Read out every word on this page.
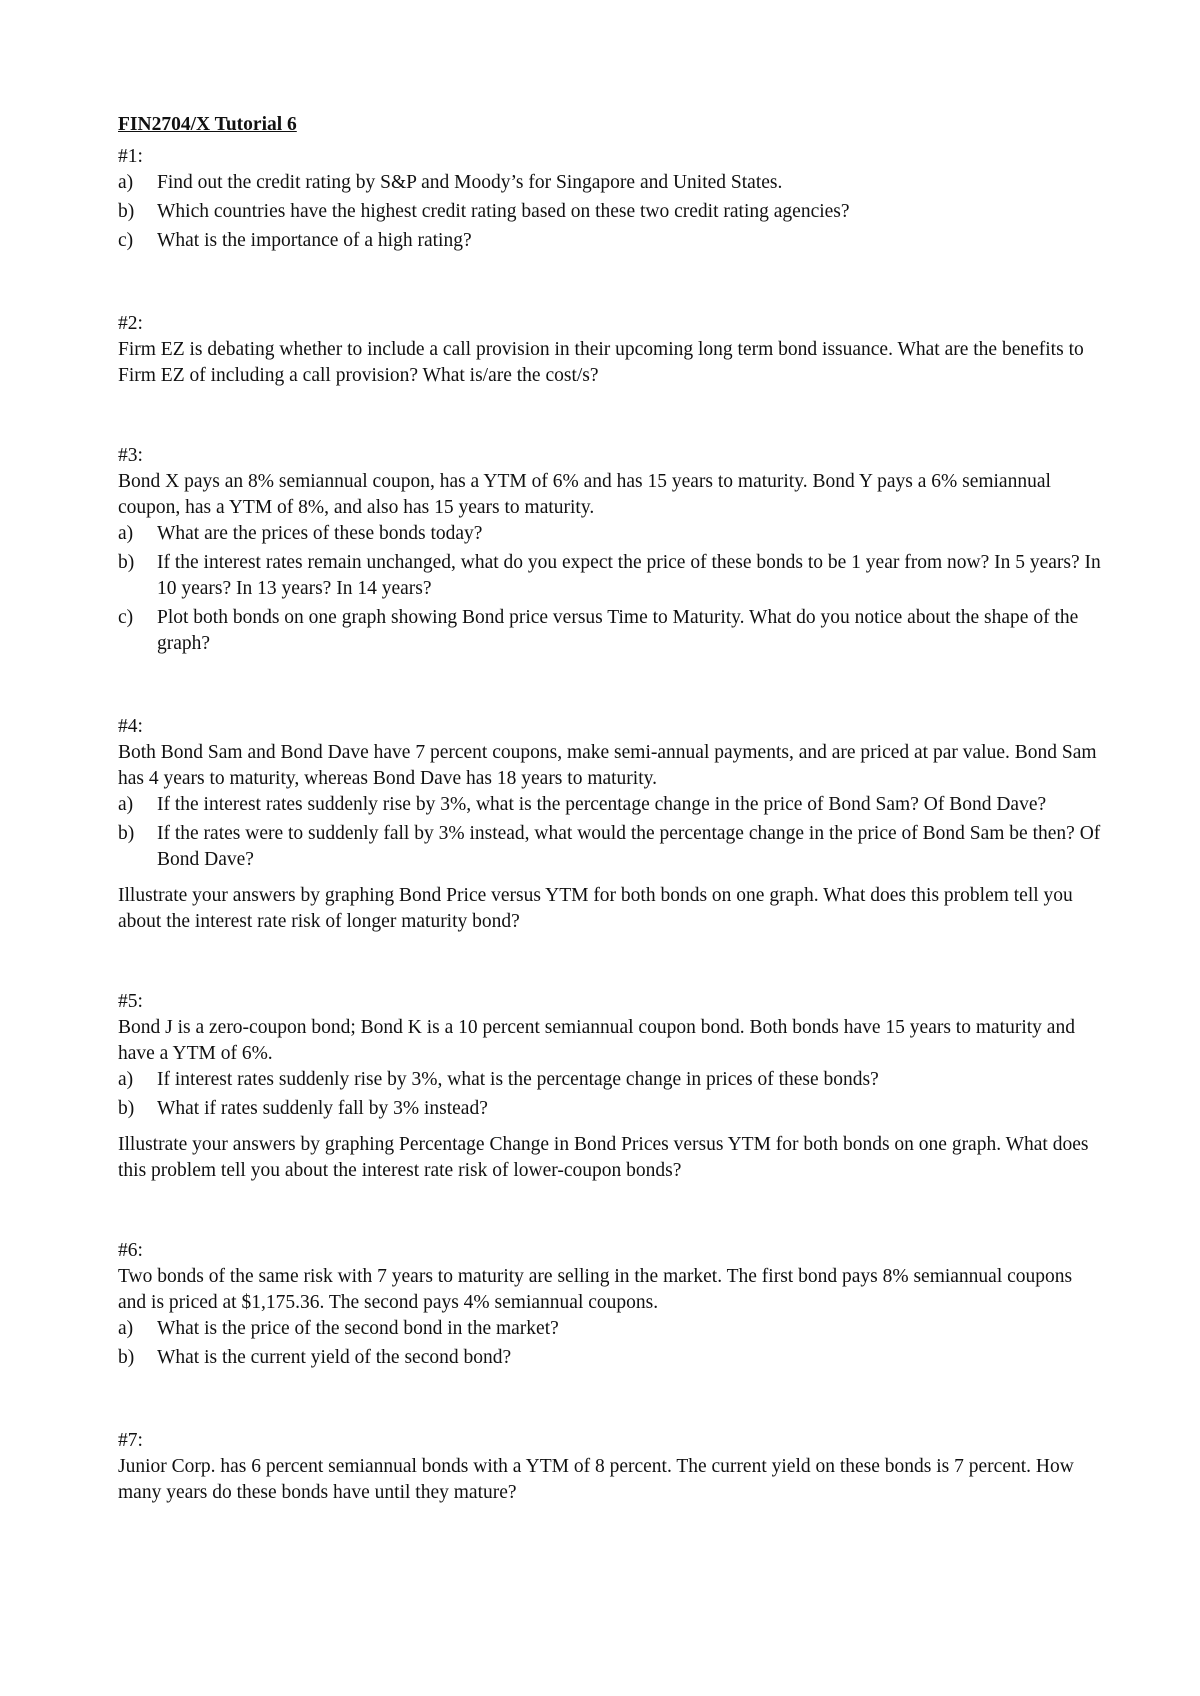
FIN2704/X Tutorial 6
#1:
a) Find out the credit rating by S&P and Moody’s for Singapore and United States.
b) Which countries have the highest credit rating based on these two credit rating agencies?
c) What is the importance of a high rating?
#2:

Firm EZ is debating whether to include a call provision in their upcoming long term bond issuance. What are the benefits to Firm EZ of including a call provision? What is/are the cost/s?

#3:

Bond X pays an 8% semiannual coupon, has a YTM of 6% and has 15 years to maturity. Bond Y pays a 6% semiannual coupon, has a YTM of 8%, and also has 15 years to maturity.

a) What are the prices of these bonds today?
b) If the interest rates remain unchanged, what do you expect the price of these bonds to be 1 year from now? In 5 years? In 10 years? In 13 years? In 14 years?
c) Plot both bonds on one graph showing Bond price versus Time to Maturity. What do you notice about the shape of the graph?
#4:

Both Bond Sam and Bond Dave have 7 percent coupons, make semi-annual payments, and are priced at par value. Bond Sam has 4 years to maturity, whereas Bond Dave has 18 years to maturity.

a) If the interest rates suddenly rise by 3%, what is the percentage change in the price of Bond Sam? Of Bond Dave?
b) If the rates were to suddenly fall by 3% instead, what would the percentage change in the price of Bond Sam be then? Of Bond Dave?

Illustrate your answers by graphing Bond Price versus YTM for both bonds on one graph. What does this problem tell you about the interest rate risk of longer maturity bond?

#5:

Bond J is a zero-coupon bond; Bond K is a 10 percent semiannual coupon bond. Both bonds have 15 years to maturity and have a YTM of 6%.

a) If interest rates suddenly rise by 3%, what is the percentage change in prices of these bonds?
b) What if rates suddenly fall by 3% instead?

Illustrate your answers by graphing Percentage Change in Bond Prices versus YTM for both bonds on one graph. What does this problem tell you about the interest rate risk of lower-coupon bonds?

#6:

Two bonds of the same risk with 7 years to maturity are selling in the market. The first bond pays 8% semiannual coupons and is priced at $1,175.36. The second pays 4% semiannual coupons.

a) What is the price of the second bond in the market?
b) What is the current yield of the second bond?
#7:

Junior Corp. has 6 percent semiannual bonds with a YTM of 8 percent. The current yield on these bonds is 7 percent. How many years do these bonds have until they mature?
